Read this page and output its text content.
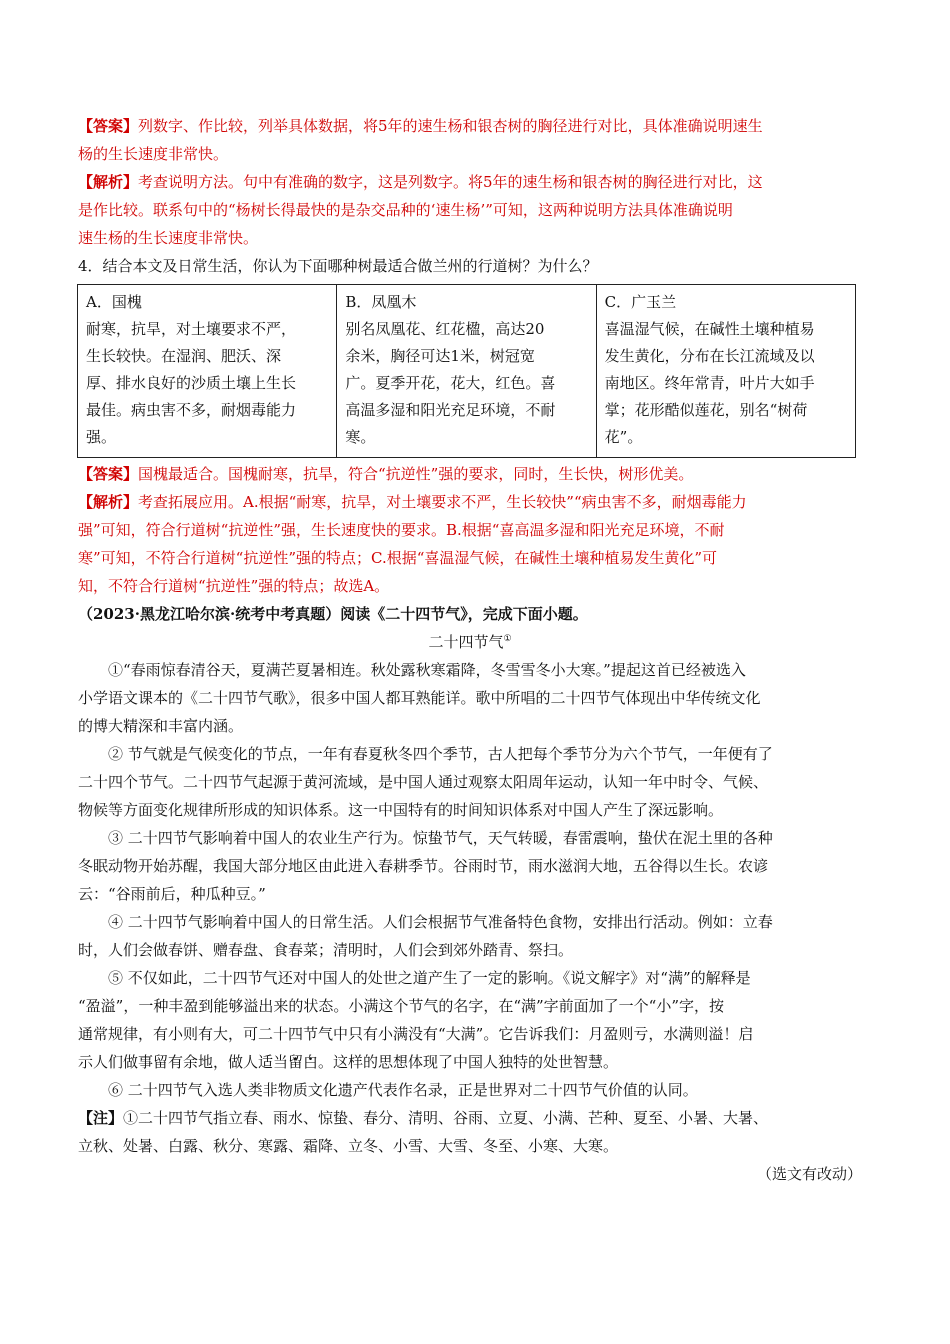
【答案】列数字、作比较，列举具体数据，将5年的速生杨和银杏树的胸径进行对比，具体准确说明速生

杨的生长速度非常快。

【解析】考查说明方法。句中有准确的数字，这是列数字。将5年的速生杨和银杏树的胸径进行对比，这

是作比较。联系句中的“杨树长得最快的是杂交品种的‘速生杨’”可知，这两种说明方法具体准确说明

速生杨的生长速度非常快。

4．结合本文及日常生活，你认为下面哪种树最适合做兰州的行道树？为什么？

A．国槐
耐寒，抗旱，对土壤要求不严，
生长较快。在湿润、肥沃、深
厚、排水良好的沙质土壤上生长
最佳。病虫害不多，耐烟毒能力
强。

B．凤凰木
别名凤凰花、红花楹，高达20
余米，胸径可达1米，树冠宽
广。夏季开花，花大，红色。喜
高温多湿和阳光充足环境，不耐
寒。

C．广玉兰
喜温湿气候，在碱性土壤种植易
发生黄化，分布在长江流域及以
南地区。终年常青，叶片大如手
掌；花形酷似莲花，别名“树荷
花”。

【答案】国槐最适合。国槐耐寒，抗旱，符合“抗逆性”强的要求，同时，生长快，树形优美。

【解析】考查拓展应用。A.根据“耐寒，抗旱，对土壤要求不严，生长较快”“病虫害不多，耐烟毒能力

强”可知，符合行道树“抗逆性”强，生长速度快的要求。B.根据“喜高温多湿和阳光充足环境，不耐

寒”可知，不符合行道树“抗逆性”强的特点；C.根据“喜温湿气候，在碱性土壤种植易发生黄化”可

知，不符合行道树“抗逆性”强的特点；故选A。

（2023·黑龙江哈尔滨·统考中考真题）阅读《二十四节气》，完成下面小题。

二十四节气①

①“春雨惊春清谷天，夏满芒夏暑相连。秋处露秋寒霜降，冬雪雪冬小大寒。”提起这首已经被选入

小学语文课本的《二十四节气歌》，很多中国人都耳熟能详。歌中所唱的二十四节气体现出中华传统文化

的博大精深和丰富内涵。

② 节气就是气候变化的节点，一年有春夏秋冬四个季节，古人把每个季节分为六个节气，一年便有了

二十四个节气。二十四节气起源于黄河流域，是中国人通过观察太阳周年运动，认知一年中时令、气候、

物候等方面变化规律所形成的知识体系。这一中国特有的时间知识体系对中国人产生了深远影响。

③ 二十四节气影响着中国人的农业生产行为。惊蛰节气，天气转暖，春雷震响，蛰伏在泥土里的各种

冬眠动物开始苏醒，我国大部分地区由此进入春耕季节。谷雨时节，雨水滋润大地，五谷得以生长。农谚

云：“谷雨前后，种瓜种豆。”

④ 二十四节气影响着中国人的日常生活。人们会根据节气准备特色食物，安排出行活动。例如：立春

时，人们会做春饼、赠春盘、食春菜；清明时，人们会到郊外踏青、祭扫。

⑤ 不仅如此，二十四节气还对中国人的处世之道产生了一定的影响。《说文解字》对“满”的解释是

“盈溢”，一种丰盈到能够溢出来的状态。小满这个节气的名字，在“满”字前面加了一个“小”字，按

通常规律，有小则有大，可二十四节气中只有小满没有“大满”。它告诉我们：月盈则亏，水满则溢！启

示人们做事留有余地，做人适当留 ·白 ·。这样的思想体现了中国人独特的处世智慧。

⑥ 二十四节气入选人类非物质文化遗产代表作名录，正是世界对二十四节气价值的认同。

【注】①二十四节气指立春、雨水、惊蛰、春分、清明、谷雨、立夏、小满、芒种、夏至、小暑、大暑、

立秋、处暑、白露、秋分、寒露、霜降、立冬、小雪、大雪、冬至、小寒、大寒。

（选文有改动）
